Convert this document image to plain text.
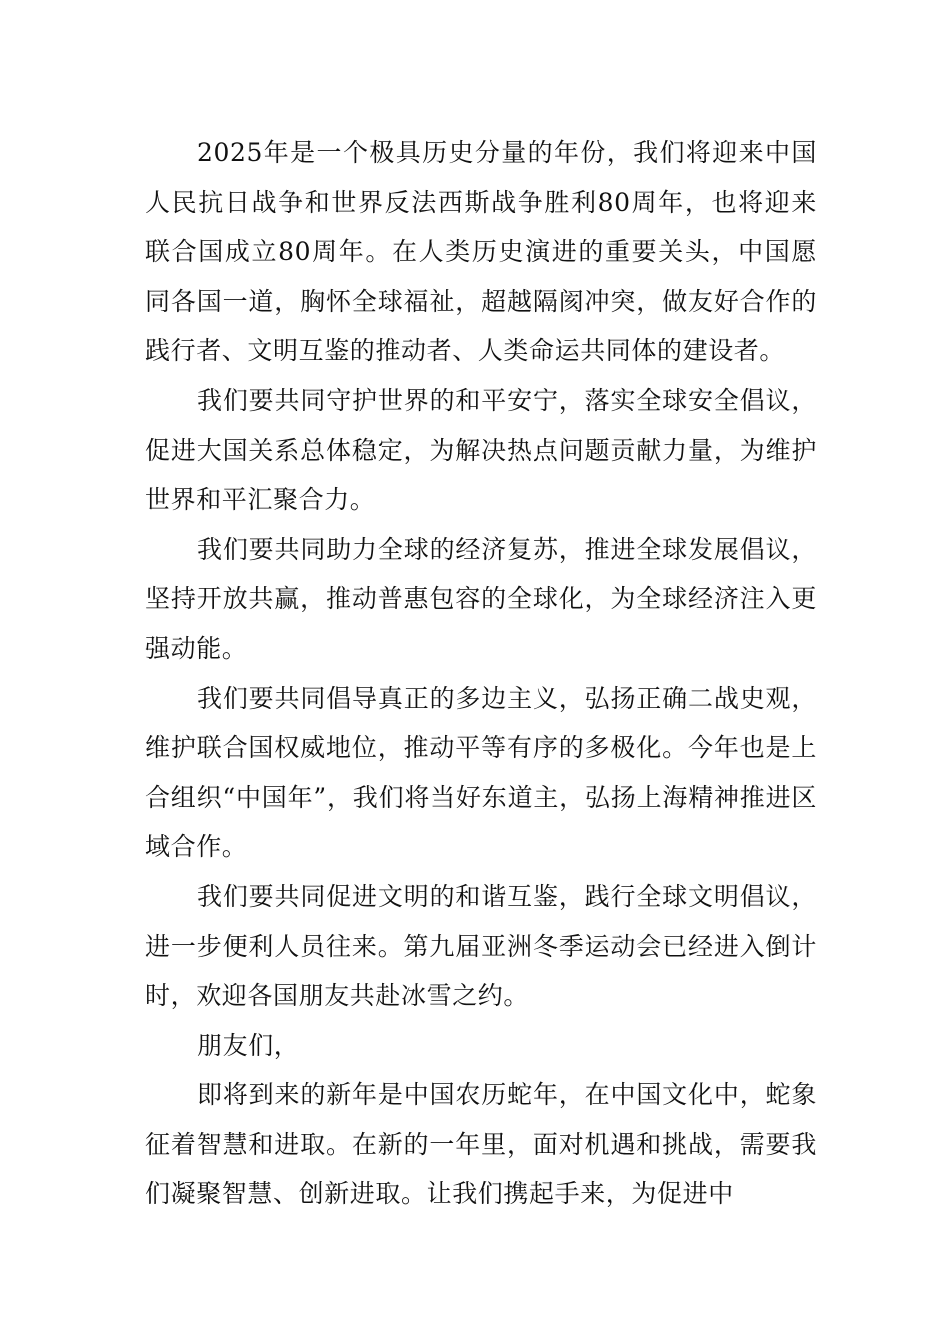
2025年是一个极具历史分量的年份，我们将迎来中国人民抗日战争和世界反法西斯战争胜利80周年，也将迎来联合国成立80周年。在人类历史演进的重要关头，中国愿同各国一道，胸怀全球福祉，超越隔阂冲突，做友好合作的践行者、文明互鉴的推动者、人类命运共同体的建设者。

我们要共同守护世界的和平安宁，落实全球安全倡议，促进大国关系总体稳定，为解决热点问题贡献力量，为维护世界和平汇聚合力。

我们要共同助力全球的经济复苏，推进全球发展倡议，坚持开放共赢，推动普惠包容的全球化，为全球经济注入更强动能。

我们要共同倡导真正的多边主义，弘扬正确二战史观，维护联合国权威地位，推动平等有序的多极化。今年也是上合组织“中国年”，我们将当好东道主，弘扬上海精神推进区域合作。

我们要共同促进文明的和谐互鉴，践行全球文明倡议，进一步便利人员往来。第九届亚洲冬季运动会已经进入倒计时，欢迎各国朋友共赴冰雪之约。

朋友们，

即将到来的新年是中国农历蛇年，在中国文化中，蛇象征着智慧和进取。在新的一年里，面对机遇和挑战，需要我们凝聚智慧、创新进取。让我们携起手来，为促进中
